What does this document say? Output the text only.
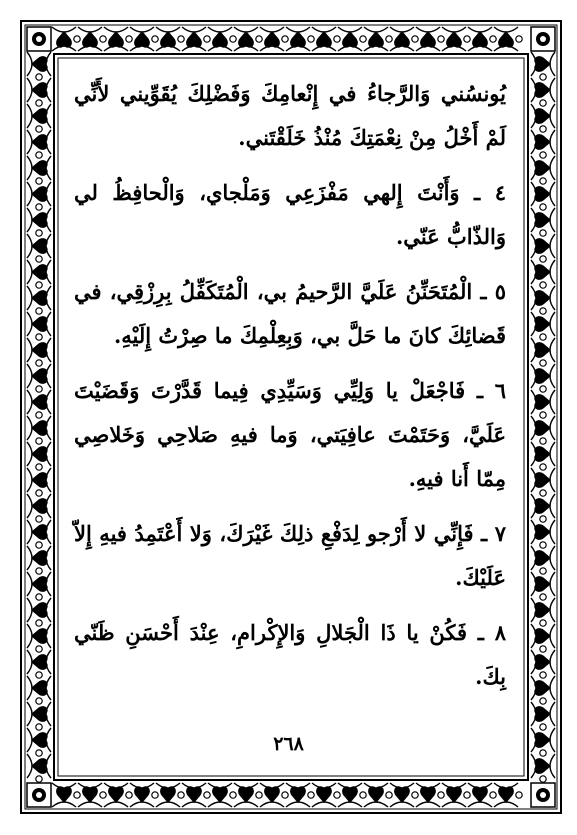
يُونسُني وَالرَّجاءُ في إِنْعامِكَ وَفَضْلِكَ يُقَوِّيني لأَنِّي لَمْ أَخْلُ مِنْ نِعْمَتِكَ مُنْذُ خَلَقْتَني.

٤ ـ وَأَنْتَ إِلهي مَفْزَعِي وَمَلْجاي، وَالْحافِظُ لي وَالذّابُّ عَنّي.

٥ ـ الْمُتَحَنِّنُ عَلَيَّ الرَّحيمُ بي، الْمُتَكَفِّلُ بِرِزْقِي، في قَضائِكَ كانَ ما حَلَّ بي، وَبِعِلْمِكَ ما صِرْتُ إِلَيْهِ.

٦ ـ فَاجْعَلْ يا وَلِيِّي وَسَيِّدِي فِيما قَدَّرْتَ وَقَضَيْتَ عَلَيَّ، وَحَتَمْتَ عافِيَتي، وَما فيهِ صَلاحِي وَخَلاصِي مِمّا أَنا فيهِ.

٧ ـ فَإِنِّي لا أَرْجو لِدَفْعِ ذلِكَ غَيْرَكَ، وَلا أَعْتَمِدُ فيهِ إِلاّ عَلَيْكَ.

٨ ـ فَكُنْ يا ذَا الْجَلالِ وَالإِكْرامِ، عِنْدَ أَحْسَنِ ظَنّي بِكَ.

٢٦٨
